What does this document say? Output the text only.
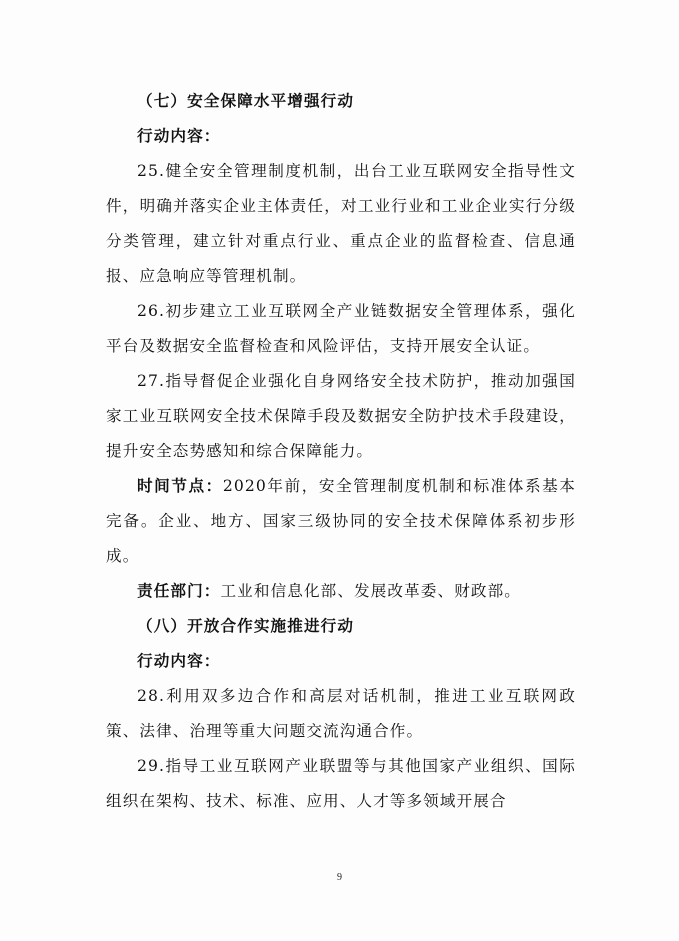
（七）安全保障水平增强行动

行动内容：

25.健全安全管理制度机制，出台工业互联网安全指导性文件，明确并落实企业主体责任，对工业行业和工业企业实行分级分类管理，建立针对重点行业、重点企业的监督检查、信息通报、应急响应等管理机制。

26.初步建立工业互联网全产业链数据安全管理体系，强化平台及数据安全监督检查和风险评估，支持开展安全认证。

27.指导督促企业强化自身网络安全技术防护，推动加强国家工业互联网安全技术保障手段及数据安全防护技术手段建设，提升安全态势感知和综合保障能力。

时间节点：2020年前，安全管理制度机制和标准体系基本完备。企业、地方、国家三级协同的安全技术保障体系初步形成。

责任部门：工业和信息化部、发展改革委、财政部。

（八）开放合作实施推进行动

行动内容：

28.利用双多边合作和高层对话机制，推进工业互联网政策、法律、治理等重大问题交流沟通合作。

29.指导工业互联网产业联盟等与其他国家产业组织、国际组织在架构、技术、标准、应用、人才等多领域开展合

9
